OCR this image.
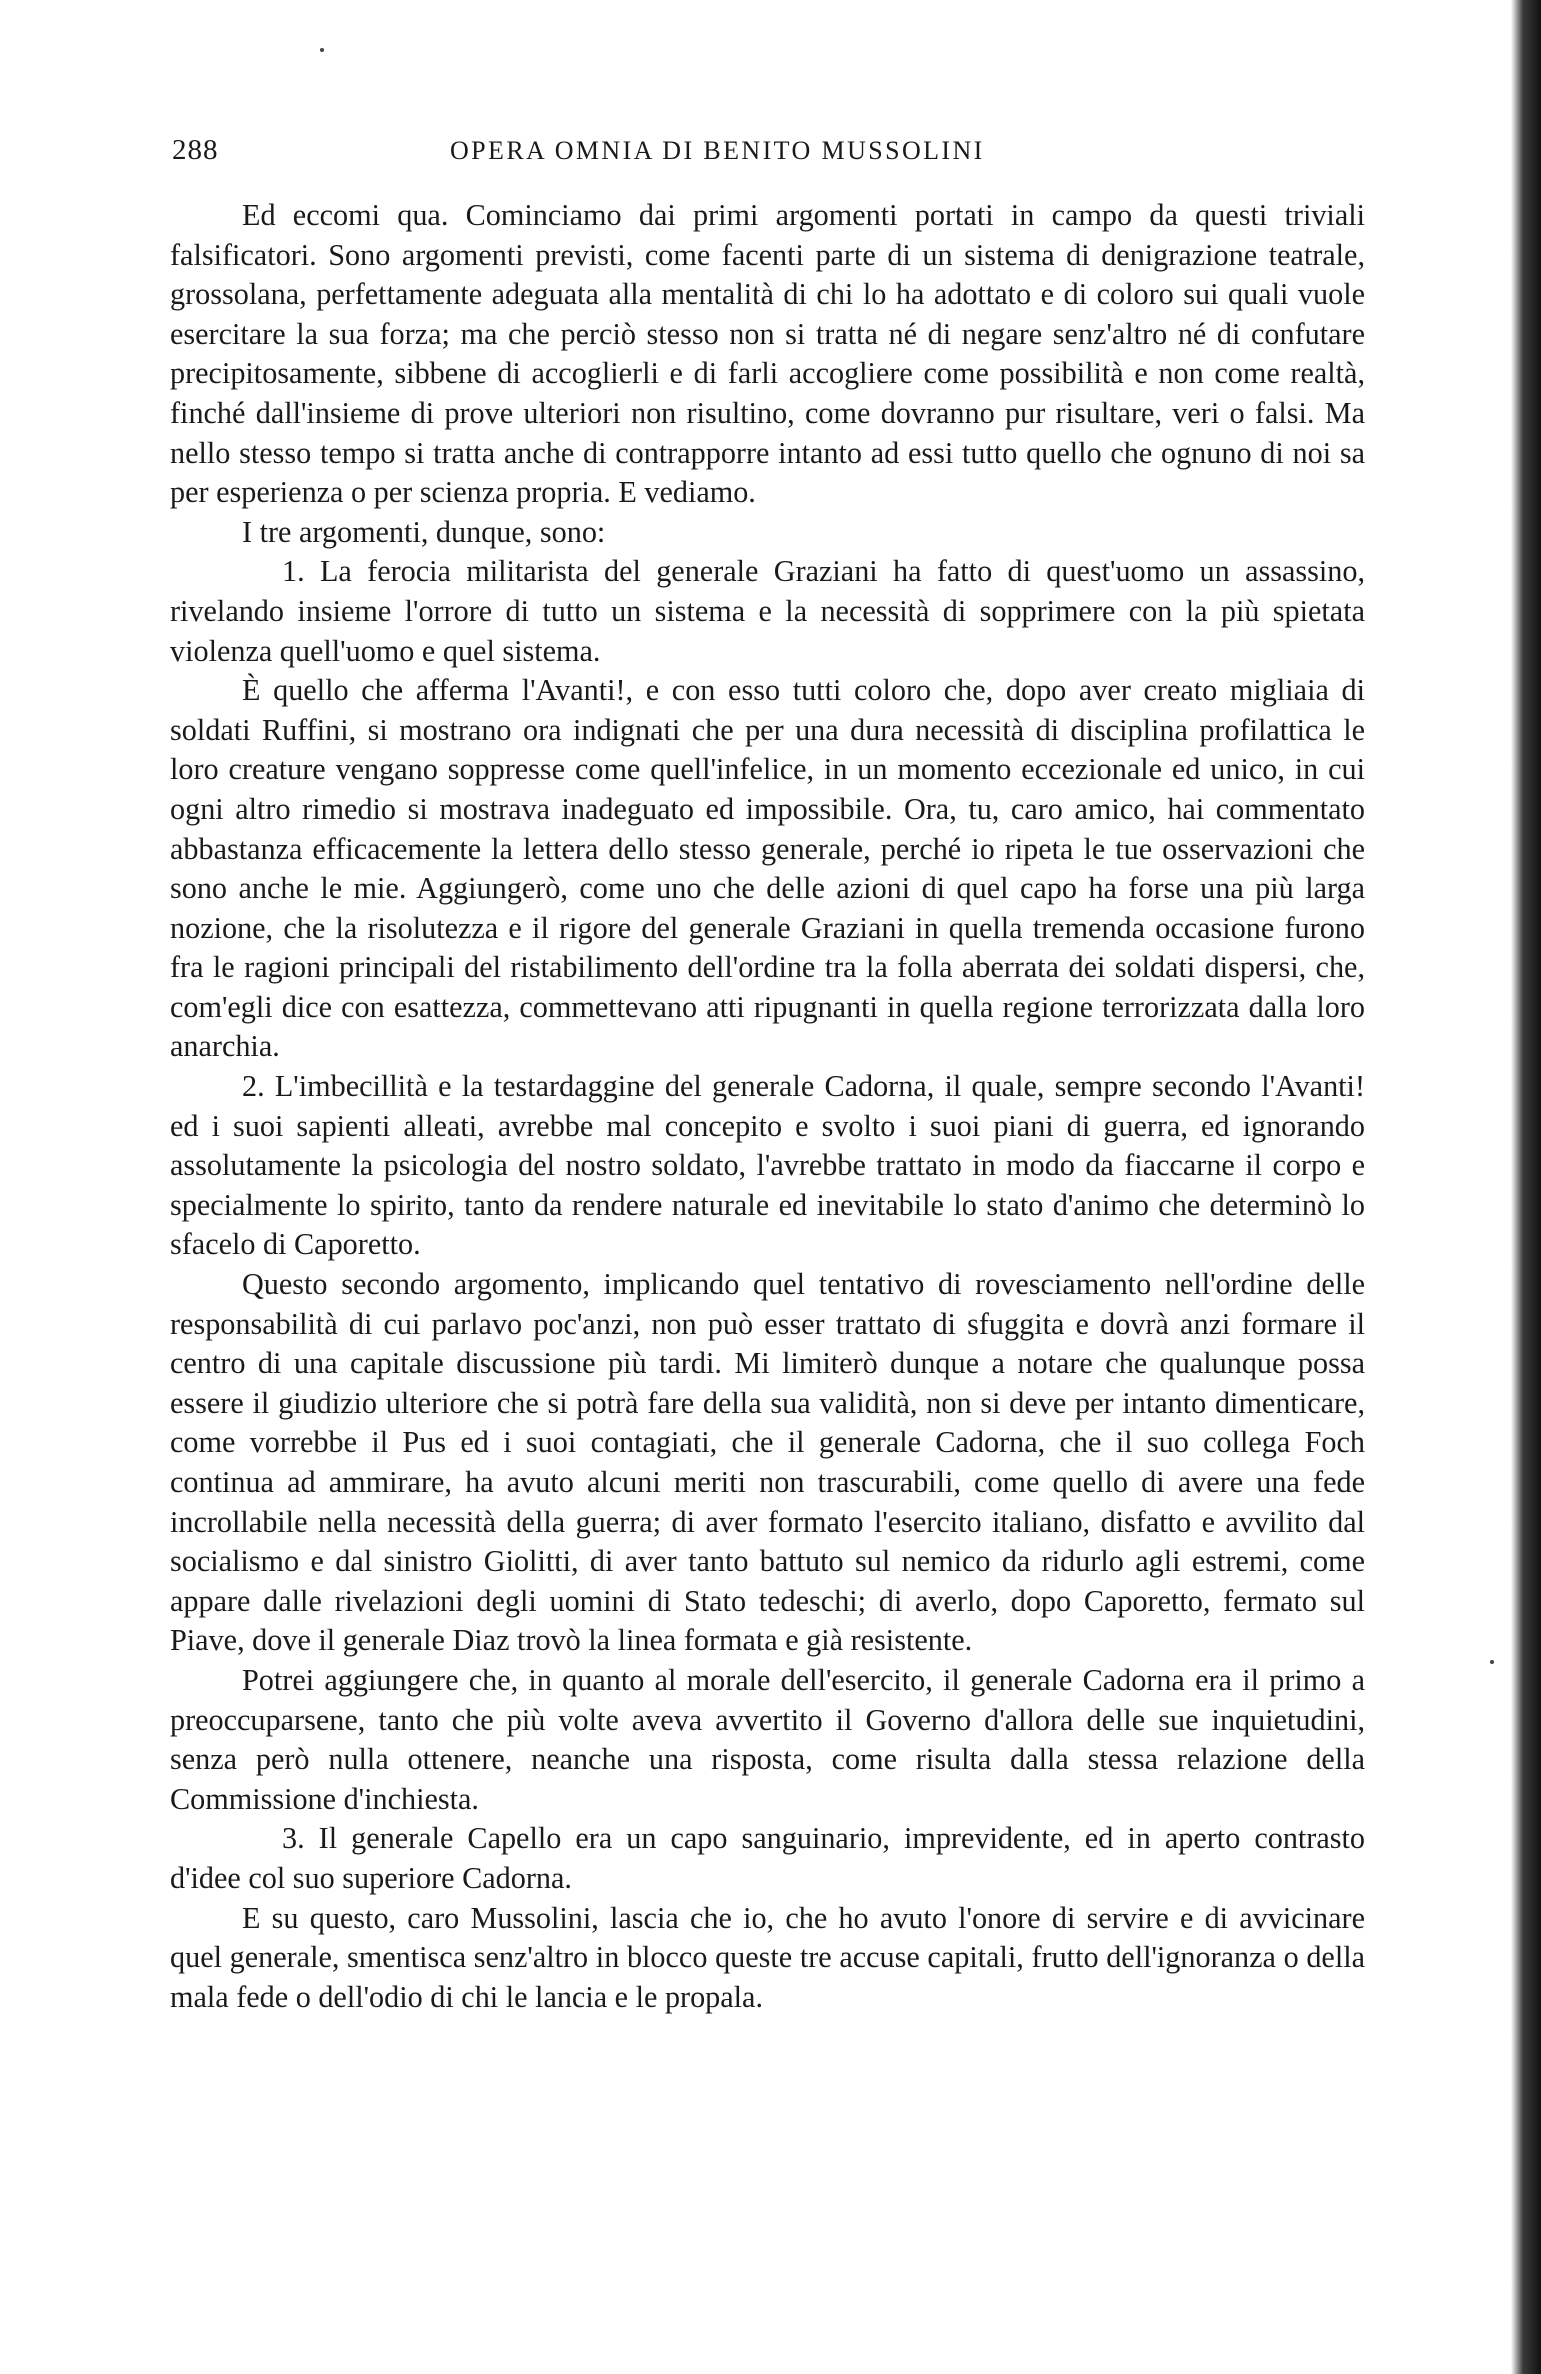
288	OPERA OMNIA DI BENITO MUSSOLINI

Ed eccomi qua. Cominciamo dai primi argomenti portati in campo da questi triviali falsificatori. Sono argomenti previsti, come facenti parte di un sistema di denigrazione teatrale, grossolana, perfettamente adeguata alla mentalità di chi lo ha adottato e di coloro sui quali vuole esercitare la sua forza; ma che perciò stesso non si tratta né di negare senz'altro né di confutare precipitosamente, sibbene di accoglierli e di farli accogliere come possibilità e non come realtà, finché dall'insieme di prove ulteriori non risultino, come dovranno pur risultare, veri o falsi. Ma nello stesso tempo si tratta anche di contrapporre intanto ad essi tutto quello che ognuno di noi sa per esperienza o per scienza propria. E vediamo.

I tre argomenti, dunque, sono:

1. La ferocia militarista del generale Graziani ha fatto di quest'uomo un assassino, rivelando insieme l'orrore di tutto un sistema e la necessità di sopprimere con la più spietata violenza quell'uomo e quel sistema.

È quello che afferma l'Avanti!, e con esso tutti coloro che, dopo aver creato migliaia di soldati Ruffini, si mostrano ora indignati che per una dura necessità di disciplina profilattica le loro creature vengano soppresse come quell'infelice, in un momento eccezionale ed unico, in cui ogni altro rimedio si mostrava inadeguato ed impossibile. Ora, tu, caro amico, hai commentato abbastanza efficacemente la lettera dello stesso generale, perché io ripeta le tue osservazioni che sono anche le mie. Aggiungerò, come uno che delle azioni di quel capo ha forse una più larga nozione, che la risolutezza e il rigore del generale Graziani in quella tremenda occasione furono fra le ragioni principali del ristabilimento dell'ordine tra la folla aberrata dei soldati dispersi, che, com'egli dice con esattezza, commettevano atti ripugnanti in quella regione terrorizzata dalla loro anarchia.

2. L'imbecillità e la testardaggine del generale Cadorna, il quale, sempre secondo l'Avanti! ed i suoi sapienti alleati, avrebbe mal concepito e svolto i suoi piani di guerra, ed ignorando assolutamente la psicologia del nostro soldato, l'avrebbe trattato in modo da fiaccarne il corpo e specialmente lo spirito, tanto da rendere naturale ed inevitabile lo stato d'animo che determinò lo sfacelo di Caporetto.

Questo secondo argomento, implicando quel tentativo di rovesciamento nell'ordine delle responsabilità di cui parlavo poc'anzi, non può esser trattato di sfuggita e dovrà anzi formare il centro di una capitale discussione più tardi. Mi limiterò dunque a notare che qualunque possa essere il giudizio ulteriore che si potrà fare della sua validità, non si deve per intanto dimenticare, come vorrebbe il Pus ed i suoi contagiati, che il generale Cadorna, che il suo collega Foch continua ad ammirare, ha avuto alcuni meriti non trascurabili, come quello di avere una fede incrollabile nella necessità della guerra; di aver formato l'esercito italiano, disfatto e avvilito dal socialismo e dal sinistro Giolitti, di aver tanto battuto sul nemico da ridurlo agli estremi, come appare dalle rivelazioni degli uomini di Stato tedeschi; di averlo, dopo Caporetto, fermato sul Piave, dove il generale Diaz trovò la linea formata e già resistente.

Potrei aggiungere che, in quanto al morale dell'esercito, il generale Cadorna era il primo a preoccuparsene, tanto che più volte aveva avvertito il Governo d'allora delle sue inquietudini, senza però nulla ottenere, neanche una risposta, come risulta dalla stessa relazione della Commissione d'inchiesta.

3. Il generale Capello era un capo sanguinario, imprevidente, ed in aperto contrasto d'idee col suo superiore Cadorna.

E su questo, caro Mussolini, lascia che io, che ho avuto l'onore di servire e di avvicinare quel generale, smentisca senz'altro in blocco queste tre accuse capitali, frutto dell'ignoranza o della mala fede o dell'odio di chi le lancia e le propala.
